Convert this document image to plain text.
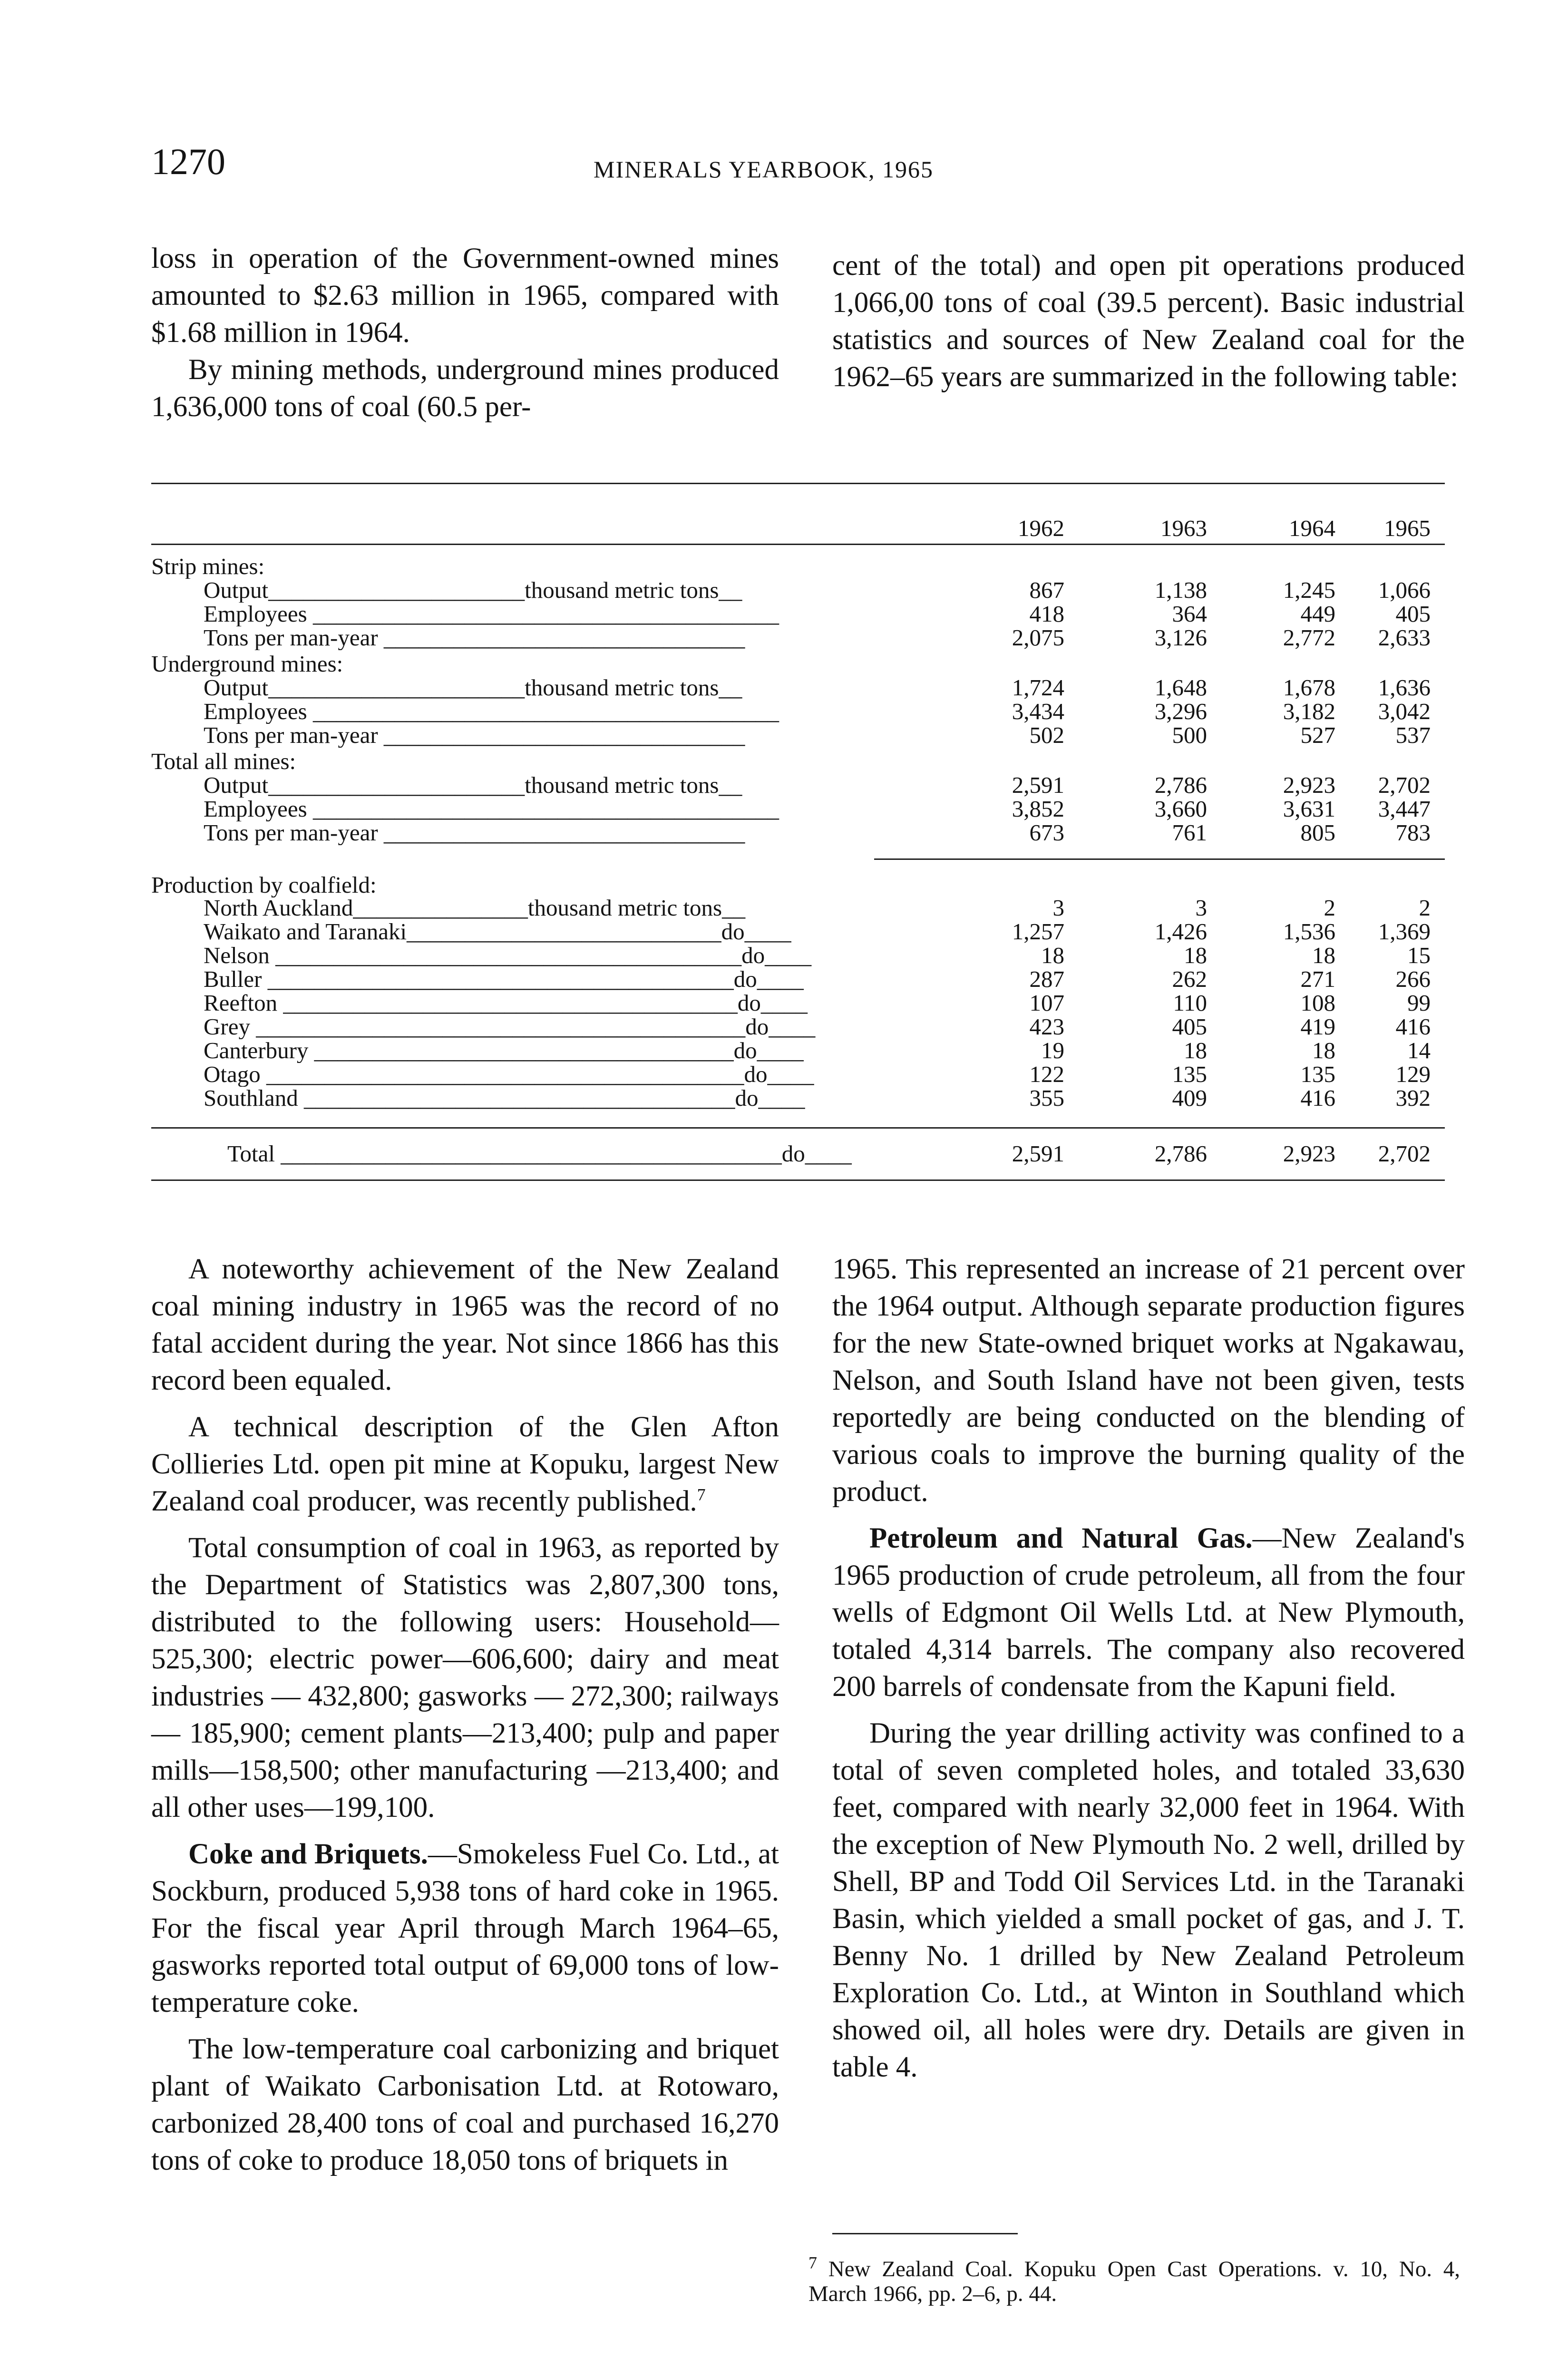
1270	MINERALS YEARBOOK, 1965

loss in operation of the Government-owned mines amounted to $2.63 million in 1965, compared with $1.68 million in 1964.

By mining methods, underground mines produced 1,636,000 tons of coal (60.5 per-

cent of the total) and open pit operations produced 1,066,00 tons of coal (39.5 percent). Basic industrial statistics and sources of New Zealand coal for the 1962–65 years are summarized in the following table:

1962	1963	1964	1965
Strip mines:
Output______________________thousand metric tons__	867	1,138	1,245	1,066
Employees ________________________________________	418	364	449	405
Tons per man-year _______________________________	2,075	3,126	2,772	2,633
Underground mines:
Output______________________thousand metric tons__	1,724	1,648	1,678	1,636
Employees ________________________________________	3,434	3,296	3,182	3,042
Tons per man-year _______________________________	502	500	527	537
Total all mines:
Output______________________thousand metric tons__	2,591	2,786	2,923	2,702
Employees ________________________________________	3,852	3,660	3,631	3,447
Tons per man-year _______________________________	673	761	805	783
Production by coalfield:
North Auckland_______________thousand metric tons__	3	3	2	2
Waikato and Taranaki___________________________do____	1,257	1,426	1,536	1,369
Nelson ________________________________________do____	18	18	18	15
Buller ________________________________________do____	287	262	271	266
Reefton _______________________________________do____	107	110	108	99
Grey __________________________________________do____	423	405	419	416
Canterbury ____________________________________do____	19	18	18	14
Otago _________________________________________do____	122	135	135	129
Southland _____________________________________do____	355	409	416	392
Total ___________________________________________do____	2,591	2,786	2,923	2,702

A noteworthy achievement of the New Zealand coal mining industry in 1965 was the record of no fatal accident during the year. Not since 1866 has this record been equaled.

A technical description of the Glen Afton Collieries Ltd. open pit mine at Kopuku, largest New Zealand coal producer, was recently published.$^7$

Total consumption of coal in 1963, as reported by the Department of Statistics was 2,807,300 tons, distributed to the following users: Household—525,300; electric power—606,600; dairy and meat industries — 432,800; gasworks — 272,300; railways — 185,900; cement plants—213,400; pulp and paper mills—158,500; other manufacturing —213,400; and all other uses—199,100.

Coke and Briquets.—Smokeless Fuel Co. Ltd., at Sockburn, produced 5,938 tons of hard coke in 1965. For the fiscal year April through March 1964–65, gasworks reported total output of 69,000 tons of low-temperature coke.

The low-temperature coal carbonizing and briquet plant of Waikato Carbonisation Ltd. at Rotowaro, carbonized 28,400 tons of coal and purchased 16,270 tons of coke to produce 18,050 tons of briquets in

1965. This represented an increase of 21 percent over the 1964 output. Although separate production figures for the new State-owned briquet works at Ngakawau, Nelson, and South Island have not been given, tests reportedly are being conducted on the blending of various coals to improve the burning quality of the product.

Petroleum and Natural Gas.—New Zealand's 1965 production of crude petroleum, all from the four wells of Edgmont Oil Wells Ltd. at New Plymouth, totaled 4,314 barrels. The company also recovered 200 barrels of condensate from the Kapuni field.

During the year drilling activity was confined to a total of seven completed holes, and totaled 33,630 feet, compared with nearly 32,000 feet in 1964. With the exception of New Plymouth No. 2 well, drilled by Shell, BP and Todd Oil Services Ltd. in the Taranaki Basin, which yielded a small pocket of gas, and J. T. Benny No. 1 drilled by New Zealand Petroleum Exploration Co. Ltd., at Winton in Southland which showed oil, all holes were dry. Details are given in table 4.

$^7$ New Zealand Coal. Kopuku Open Cast Operations. v. 10, No. 4, March 1966, pp. 2–6, p. 44.
